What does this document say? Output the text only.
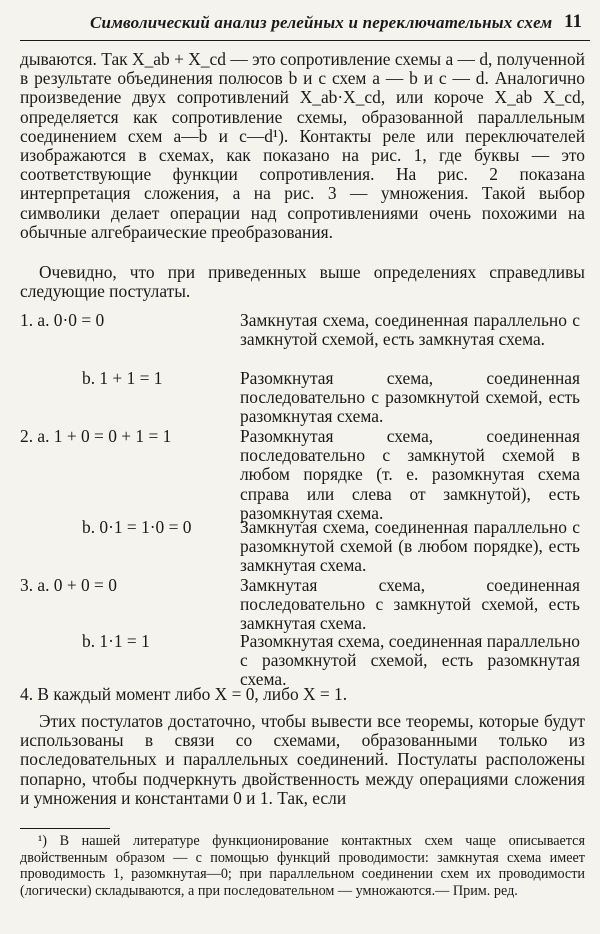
Символический анализ релейных и переключательных схем 11
дываются. Так X_ab + X_cd — это сопротивление схемы a — d, полученной в результате объединения полюсов b и c схем a — b и c — d. Аналогично произведение двух сопротивлений X_ab·X_cd, или короче X_ab X_cd, определяется как сопротивление схемы, образованной параллельным соединением схем a—b и c—d¹). Контакты реле или переключателей изображаются в схемах, как показано на рис. 1, где буквы — это соответствующие функции сопротивления. На рис. 2 показана интерпретация сложения, а на рис. 3 — умножения. Такой выбор символики делает операции над сопротивлениями очень похожими на обычные алгебраические преобразования.
Очевидно, что при приведенных выше определениях справедливы следующие постулаты.
1. a. 0·0 = 0	Замкнутая схема, соединенная параллельно с замкнутой схемой, есть замкнутая схема.
b. 1 + 1 = 1	Разомкнутая схема, соединенная последовательно с разомкнутой схемой, есть разомкнутая схема.
2. a. 1 + 0 = 0 + 1 = 1	Разомкнутая схема, соединенная последовательно с замкнутой схемой в любом порядке (т. е. разомкнутая схема справа или слева от замкнутой), есть разомкнутая схема.
b. 0·1 = 1·0 = 0	Замкнутая схема, соединенная параллельно с разомкнутой схемой (в любом порядке), есть замкнутая схема.
3. a. 0 + 0 = 0	Замкнутая схема, соединенная последовательно с замкнутой схемой, есть замкнутая схема.
b. 1·1 = 1	Разомкнутая схема, соединенная параллельно с разомкнутой схемой, есть разомкнутая схема.
4. В каждый момент либо X = 0, либо X = 1.
Этих постулатов достаточно, чтобы вывести все теоремы, которые будут использованы в связи со схемами, образованными только из последовательных и параллельных соединений. Постулаты расположены попарно, чтобы подчеркнуть двойственность между операциями сложения и умножения и константами 0 и 1. Так, если
¹) В нашей литературе функционирование контактных схем чаще описывается двойственным образом — с помощью функций проводимости: замкнутая схема имеет проводимость 1, разомкнутая—0; при параллельном соединении схем их проводимости (логически) складываются, а при последовательном — умножаются.— Прим. ред.
